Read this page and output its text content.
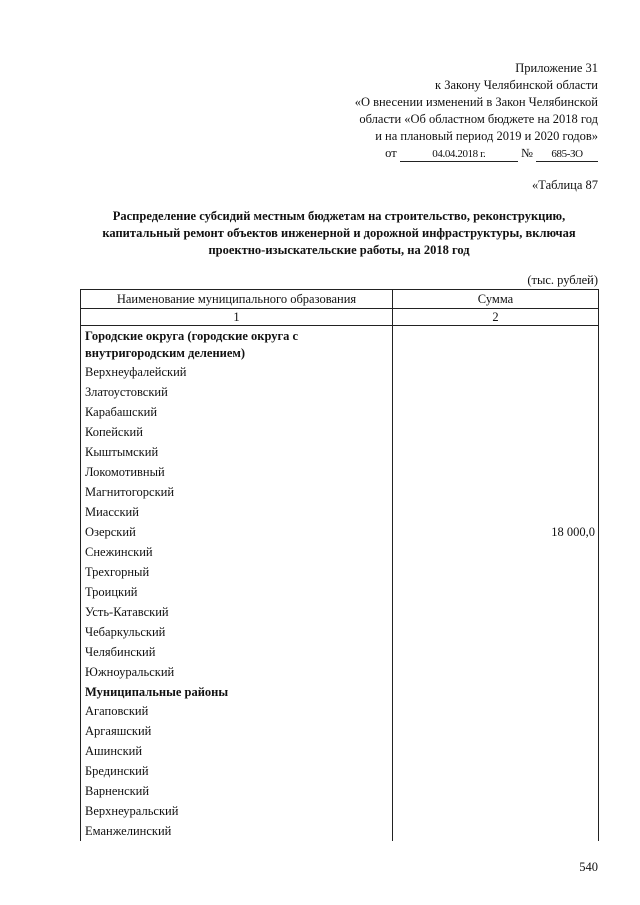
Приложение 31
к Закону Челябинской области
«О внесении изменений в Закон Челябинской
области «Об областном бюджете на 2018 год
и на плановый период 2019 и 2020 годов»
от	04.04.2018 г.	№ 685-ЗО
«Таблица 87
Распределение субсидий местным бюджетам на строительство, реконструкцию, капитальный ремонт объектов инженерной и дорожной инфраструктуры, включая проектно-изыскательские работы, на 2018 год
(тыс. рублей)
Наименование муниципального образования	Сумма
1	2
Городские округа (городские округа с внутригородским делением)	
Верхнеуфалейский	
Златоустовский	
Карабашский	
Копейский	
Кыштымский	
Локомотивный	
Магнитогорский	
Миасский	
Озерский	18 000,0
Снежинский	
Трехгорный	
Троицкий	
Усть-Катавский	
Чебаркульский	
Челябинский	
Южноуральский	
Муниципальные районы	
Агаповский	
Аргаяшский	
Ашинский	
Брединский	
Варненский	
Верхнеуральский	
Еманжелинский	
540
